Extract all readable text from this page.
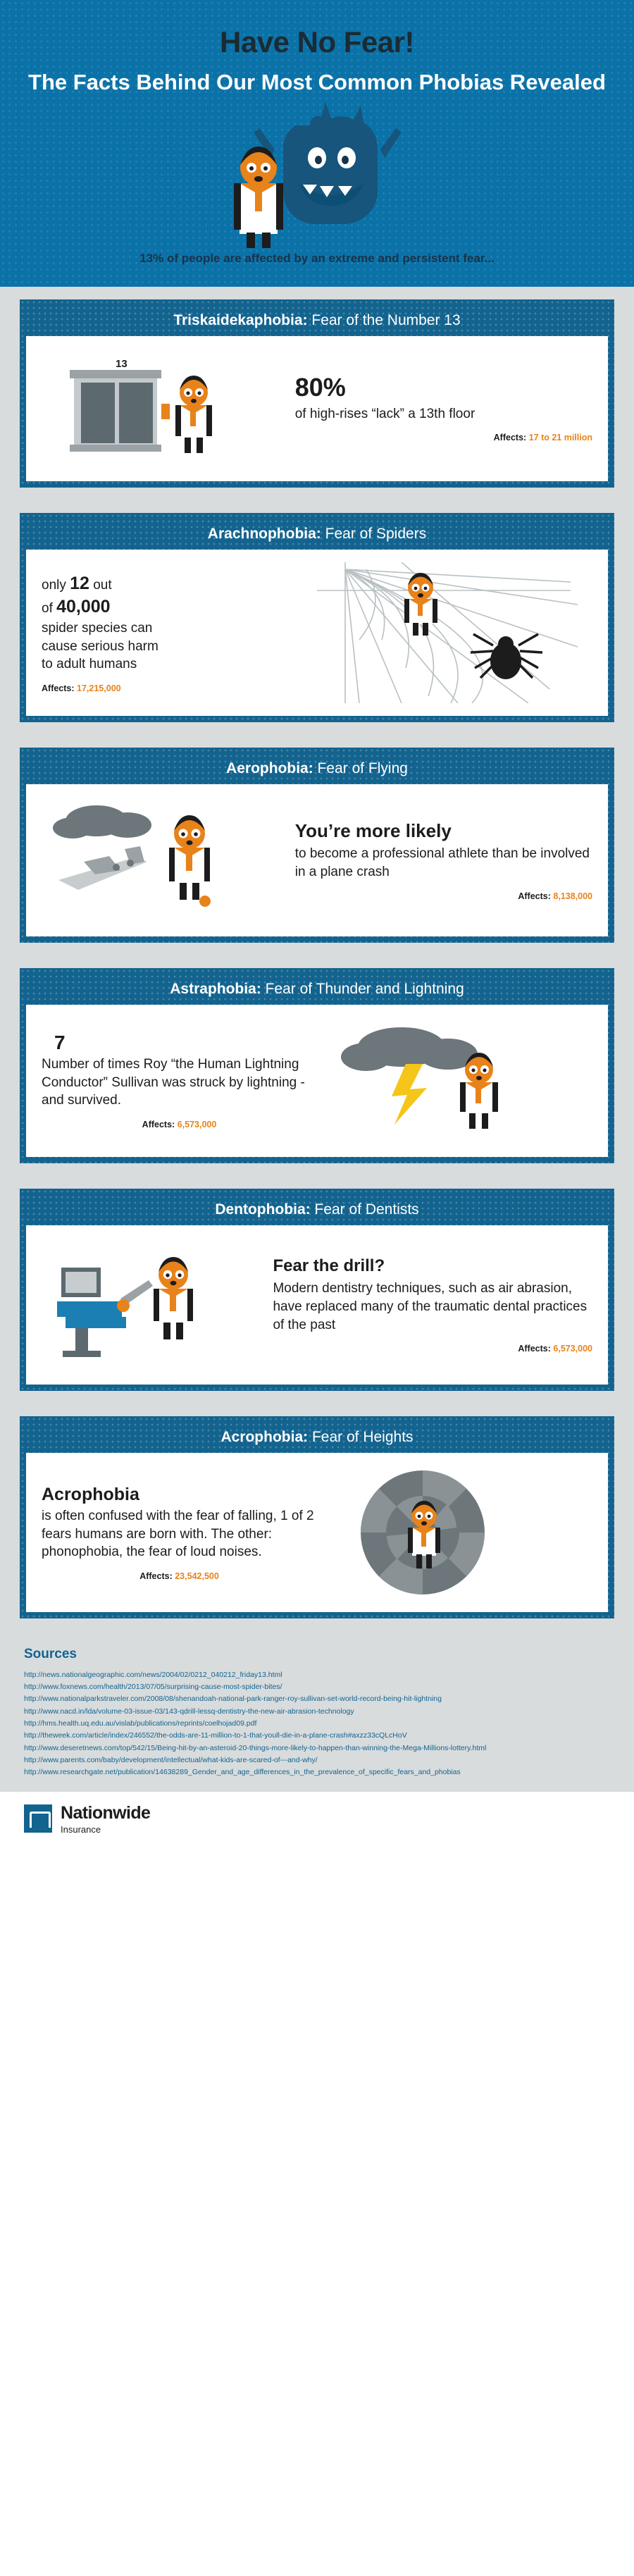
Have No Fear!
The Facts Behind Our Most Common Phobias Revealed
13% of people are affected by an extreme and persistent fear...
Triskaidekaphobia: Fear of the Number 13
13
80%
of high-rises “lack” a 13th floor
Affects: 17 to 21 million
Arachnophobia: Fear of Spiders
only 12 out
of 40,000
spider species can
cause serious harm
to adult humans
Affects: 17,215,000
Aerophobia: Fear of Flying
You’re more likely
to become a professional athlete than be involved in a plane crash
Affects: 8,138,000
Astraphobia: Fear of Thunder and Lightning
7
Number of times Roy “the Human Lightning Conductor” Sullivan was struck by lightning - and survived.
Affects: 6,573,000
Dentophobia: Fear of Dentists
Fear the drill?
Modern dentistry techniques, such as air abrasion, have replaced many of the traumatic dental practices of the past
Affects: 6,573,000
Acrophobia: Fear of Heights
Acrophobia
is often confused with the fear of falling, 1 of 2 fears humans are born with. The other: phonophobia, the fear of loud noises.
Affects: 23,542,500
Sources
http://news.nationalgeographic.com/news/2004/02/0212_040212_friday13.html
http://www.foxnews.com/health/2013/07/05/surprising-cause-most-spider-bites/
http://www.nationalparkstraveler.com/2008/08/shenandoah-national-park-ranger-roy-sullivan-set-world-record-being-hit-lightning
http://www.nacd.in/lda/volume-03-issue-03/143-qdrill-lessq-dentistry-the-new-air-abrasion-technology
http://hms.health.uq.edu.au/vislab/publications/reprints/coelhojad09.pdf
http://theweek.com/article/index/246552/the-odds-are-11-million-to-1-that-youll-die-in-a-plane-crash#axzz33cQLcHoV
http://www.deseretnews.com/top/542/15/Being-hit-by-an-asteroid-20-things-more-likely-to-happen-than-winning-the-Mega-Millions-lottery.html
http://www.parents.com/baby/development/intellectual/what-kids-are-scared-of---and-why/
http://www.researchgate.net/publication/14638289_Gender_and_age_differences_in_the_prevalence_of_specific_fears_and_phobias
Nationwide
Insurance
